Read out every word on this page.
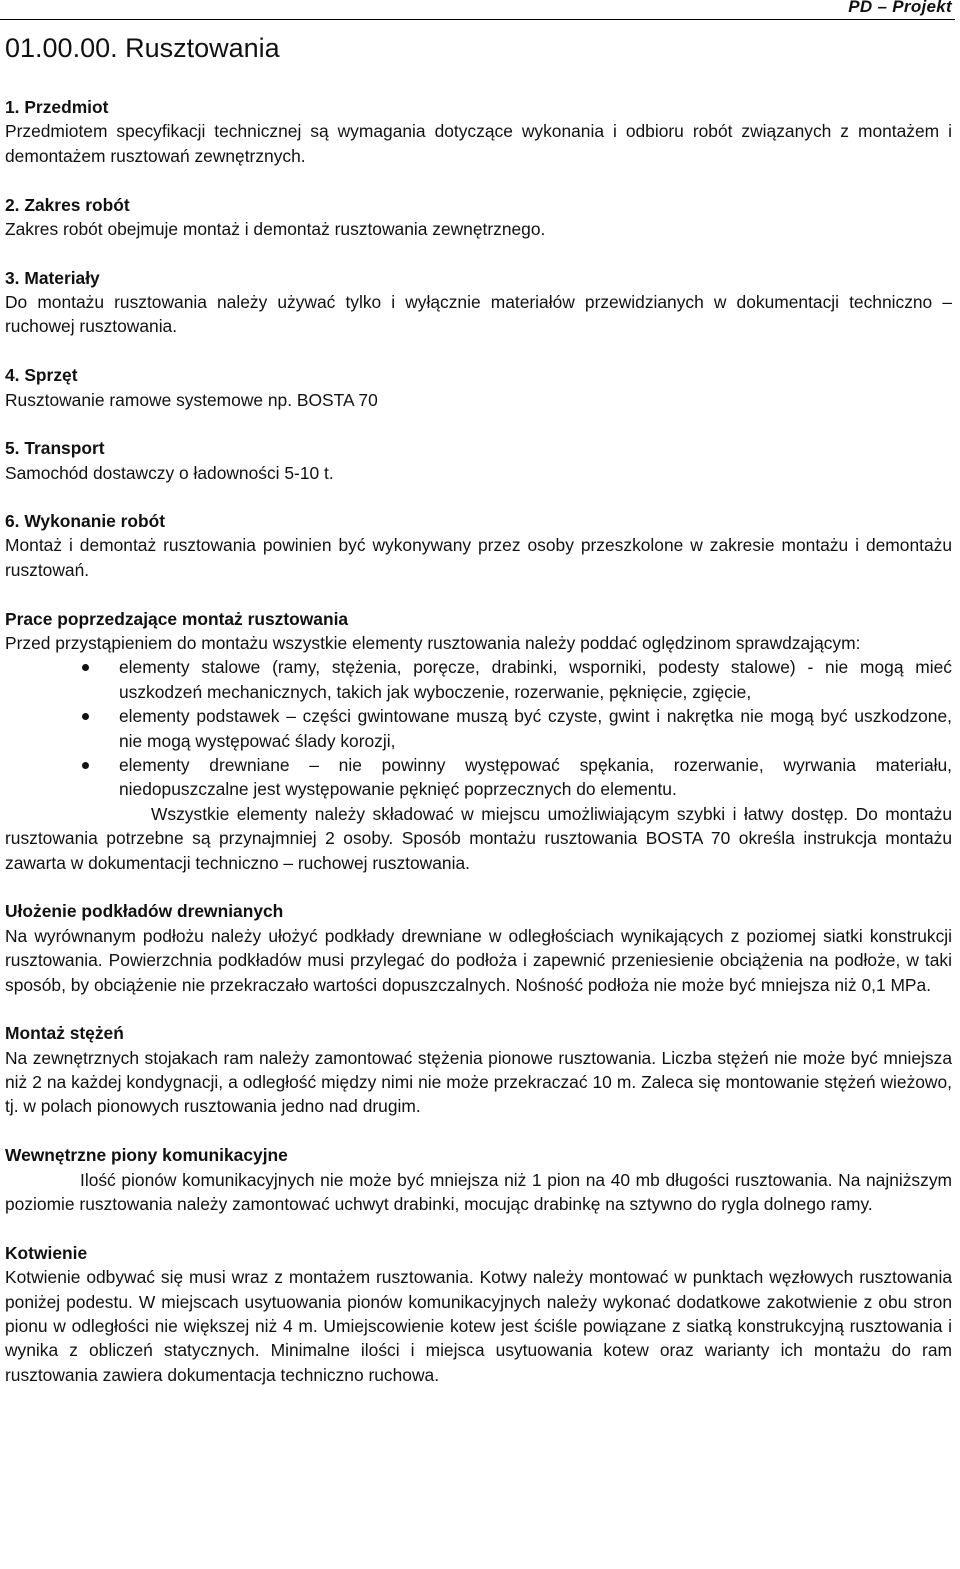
PD – Projekt
01.00.00. Rusztowania

1. Przedmiot

Przedmiotem specyfikacji technicznej są wymagania dotyczące wykonania i odbioru robót związanych z montażem i demontażem rusztowań zewnętrznych.

2. Zakres robót

Zakres robót obejmuje montaż i demontaż rusztowania zewnętrznego.

3. Materiały

Do montażu rusztowania należy używać tylko i wyłącznie materiałów przewidzianych w dokumentacji techniczno – ruchowej rusztowania.

4. Sprzęt

Rusztowanie ramowe systemowe np. BOSTA 70

5. Transport

Samochód dostawczy o ładowności 5-10 t.

6. Wykonanie robót

Montaż i demontaż rusztowania powinien być wykonywany przez osoby przeszkolone w zakresie montażu i demontażu rusztowań.

Prace poprzedzające montaż rusztowania

Przed przystąpieniem do montażu wszystkie elementy rusztowania należy poddać oględzinom sprawdzającym:

elementy stalowe (ramy, stężenia, poręcze, drabinki, wsporniki, podesty stalowe) - nie mogą mieć uszkodzeń mechanicznych, takich jak wyboczenie, rozerwanie, pęknięcie, zgięcie,
elementy podstawek – części gwintowane muszą być czyste, gwint i nakrętka nie mogą być uszkodzone, nie mogą występować ślady korozji,
elementy drewniane – nie powinny występować spękania, rozerwanie, wyrwania materiału, niedopuszczalne jest występowanie pęknięć poprzecznych do elementu.

Wszystkie elementy należy składować w miejscu umożliwiającym szybki i łatwy dostęp. Do montażu rusztowania potrzebne są przynajmniej 2 osoby. Sposób montażu rusztowania BOSTA 70 określa instrukcja montażu zawarta w dokumentacji techniczno – ruchowej rusztowania.

Ułożenie podkładów drewnianych

Na wyrównanym podłożu należy ułożyć podkłady drewniane w odległościach wynikających z poziomej siatki konstrukcji rusztowania. Powierzchnia podkładów musi przylegać do podłoża i zapewnić przeniesienie obciążenia na podłoże, w taki sposób, by obciążenie nie przekraczało wartości dopuszczalnych. Nośność podłoża nie może być mniejsza niż 0,1 MPa.

Montaż stężeń

Na zewnętrznych stojakach ram należy zamontować stężenia pionowe rusztowania. Liczba stężeń nie może być mniejsza niż 2 na każdej kondygnacji, a odległość między nimi nie może przekraczać 10 m. Zaleca się montowanie stężeń wieżowo, tj. w polach pionowych rusztowania jedno nad drugim.

Wewnętrzne piony komunikacyjne

Ilość pionów komunikacyjnych nie może być mniejsza niż 1 pion na 40 mb długości rusztowania. Na najniższym poziomie rusztowania należy zamontować uchwyt drabinki, mocując drabinkę na sztywno do rygla dolnego ramy.

Kotwienie

Kotwienie odbywać się musi wraz z montażem rusztowania. Kotwy należy montować w punktach węzłowych rusztowania poniżej podestu. W miejscach usytuowania pionów komunikacyjnych należy wykonać dodatkowe zakotwienie z obu stron pionu w odległości nie większej niż 4 m. Umiejscowienie kotew jest ściśle powiązane z siatką konstrukcyjną rusztowania i wynika z obliczeń statycznych. Minimalne ilości i miejsca usytuowania kotew oraz warianty ich montażu do ram rusztowania zawiera dokumentacja techniczno ruchowa.
